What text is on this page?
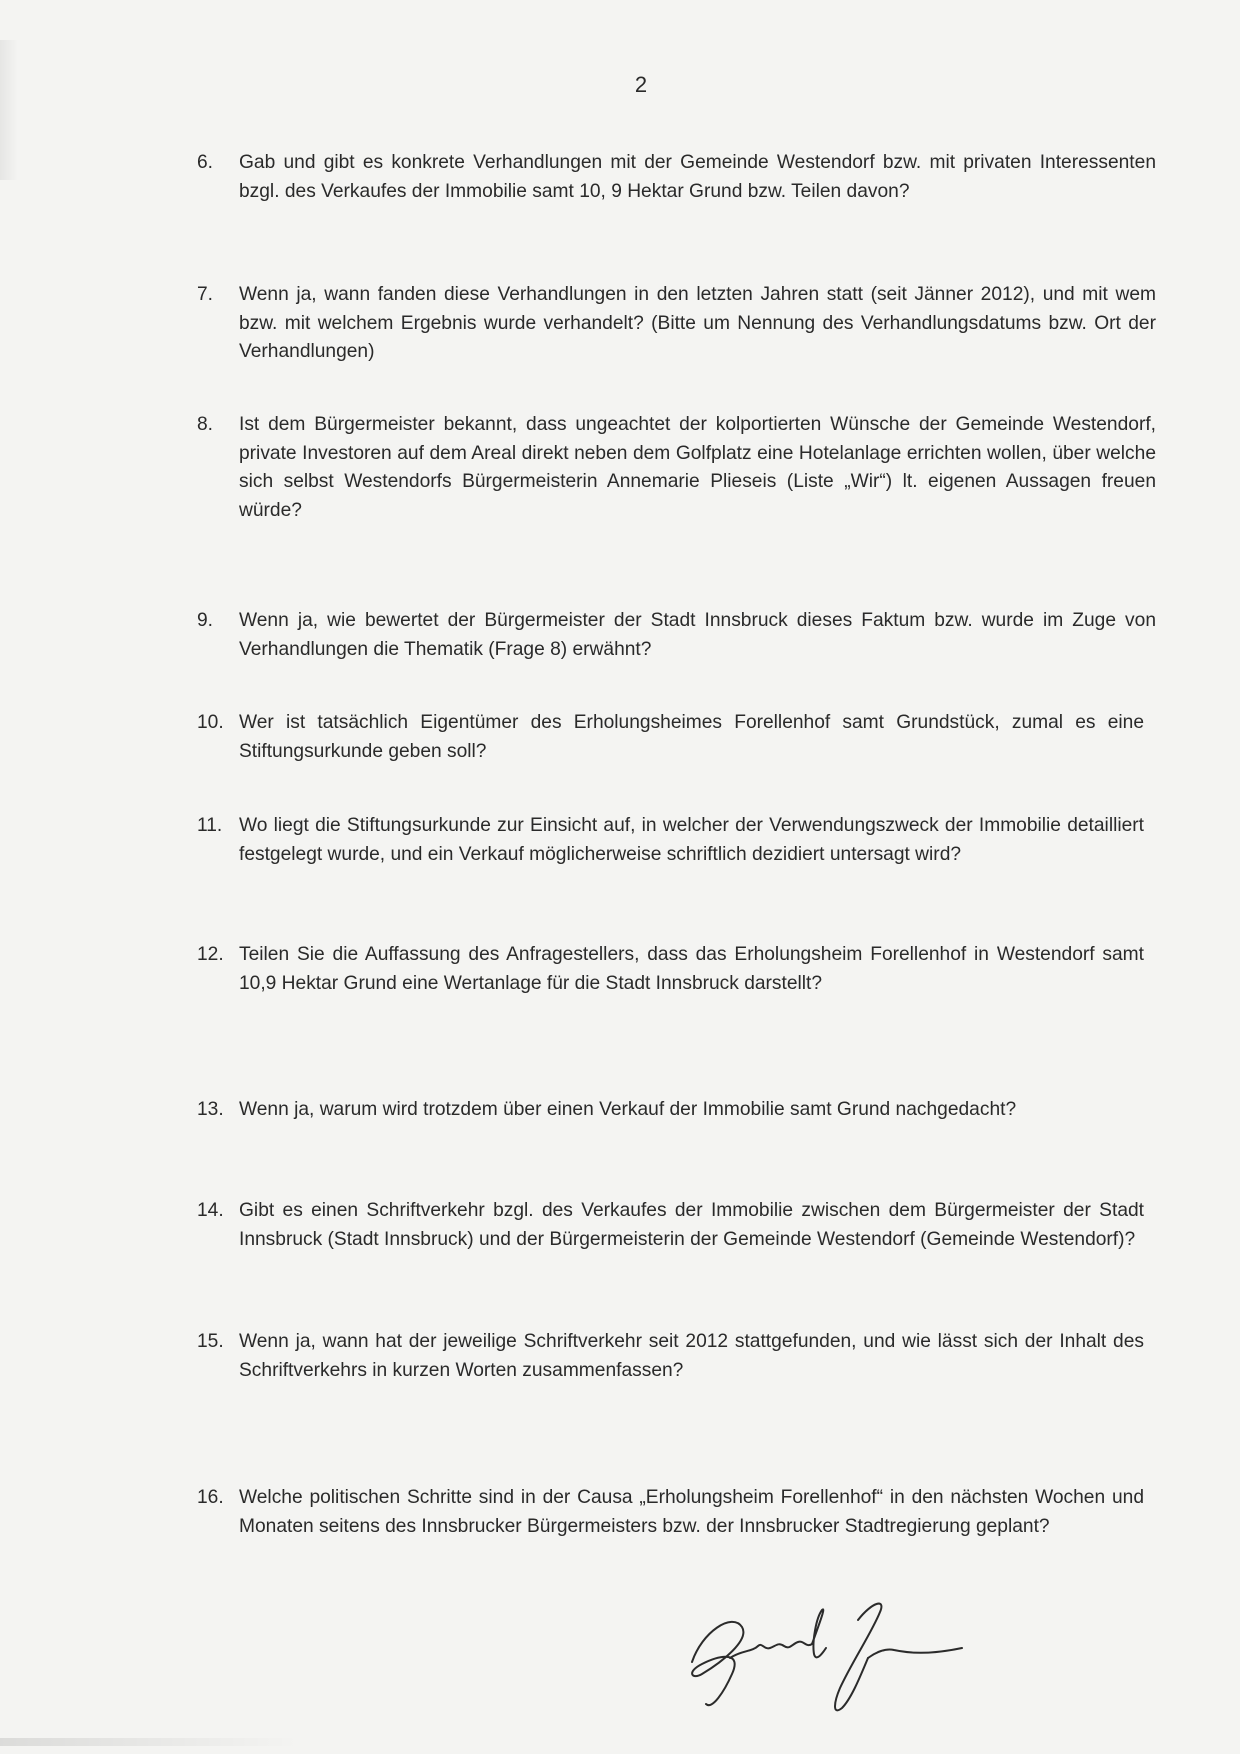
2
6. Gab und gibt es konkrete Verhandlungen mit der Gemeinde Westendorf bzw. mit privaten Interessenten bzgl. des Verkaufes der Immobilie samt 10, 9 Hektar Grund bzw. Teilen davon?
7. Wenn ja, wann fanden diese Verhandlungen in den letzten Jahren statt (seit Jänner 2012), und mit wem bzw. mit welchem Ergebnis wurde verhandelt? (Bitte um Nennung des Verhandlungsdatums bzw. Ort der Verhandlungen)
8. Ist dem Bürgermeister bekannt, dass ungeachtet der kolportierten Wünsche der Gemeinde Westendorf, private Investoren auf dem Areal direkt neben dem Golfplatz eine Hotelanlage errichten wollen, über welche sich selbst Westendorfs Bürgermeisterin Annemarie Plieseis (Liste „Wir“) lt. eigenen Aussagen freuen würde?
9. Wenn ja, wie bewertet der Bürgermeister der Stadt Innsbruck dieses Faktum bzw. wurde im Zuge von Verhandlungen die Thematik (Frage 8) erwähnt?
10. Wer ist tatsächlich Eigentümer des Erholungsheimes Forellenhof samt Grundstück, zumal es eine Stiftungsurkunde geben soll?
11. Wo liegt die Stiftungsurkunde zur Einsicht auf, in welcher der Verwendungszweck der Immobilie detailliert festgelegt wurde, und ein Verkauf möglicherweise schriftlich dezidiert untersagt wird?
12. Teilen Sie die Auffassung des Anfragestellers, dass das Erholungsheim Forellenhof in Westendorf samt 10,9 Hektar Grund eine Wertanlage für die Stadt Innsbruck darstellt?
13. Wenn ja, warum wird trotzdem über einen Verkauf der Immobilie samt Grund nachgedacht?
14. Gibt es einen Schriftverkehr bzgl. des Verkaufes der Immobilie zwischen dem Bürgermeister der Stadt Innsbruck (Stadt Innsbruck) und der Bürgermeisterin der Gemeinde Westendorf (Gemeinde Westendorf)?
15. Wenn ja, wann hat der jeweilige Schriftverkehr seit 2012 stattgefunden, und wie lässt sich der Inhalt des Schriftverkehrs in kurzen Worten zusammenfassen?
16. Welche politischen Schritte sind in der Causa „Erholungsheim Forellenhof“ in den nächsten Wochen und Monaten seitens des Innsbrucker Bürgermeisters bzw. der Innsbrucker Stadtregierung geplant?
